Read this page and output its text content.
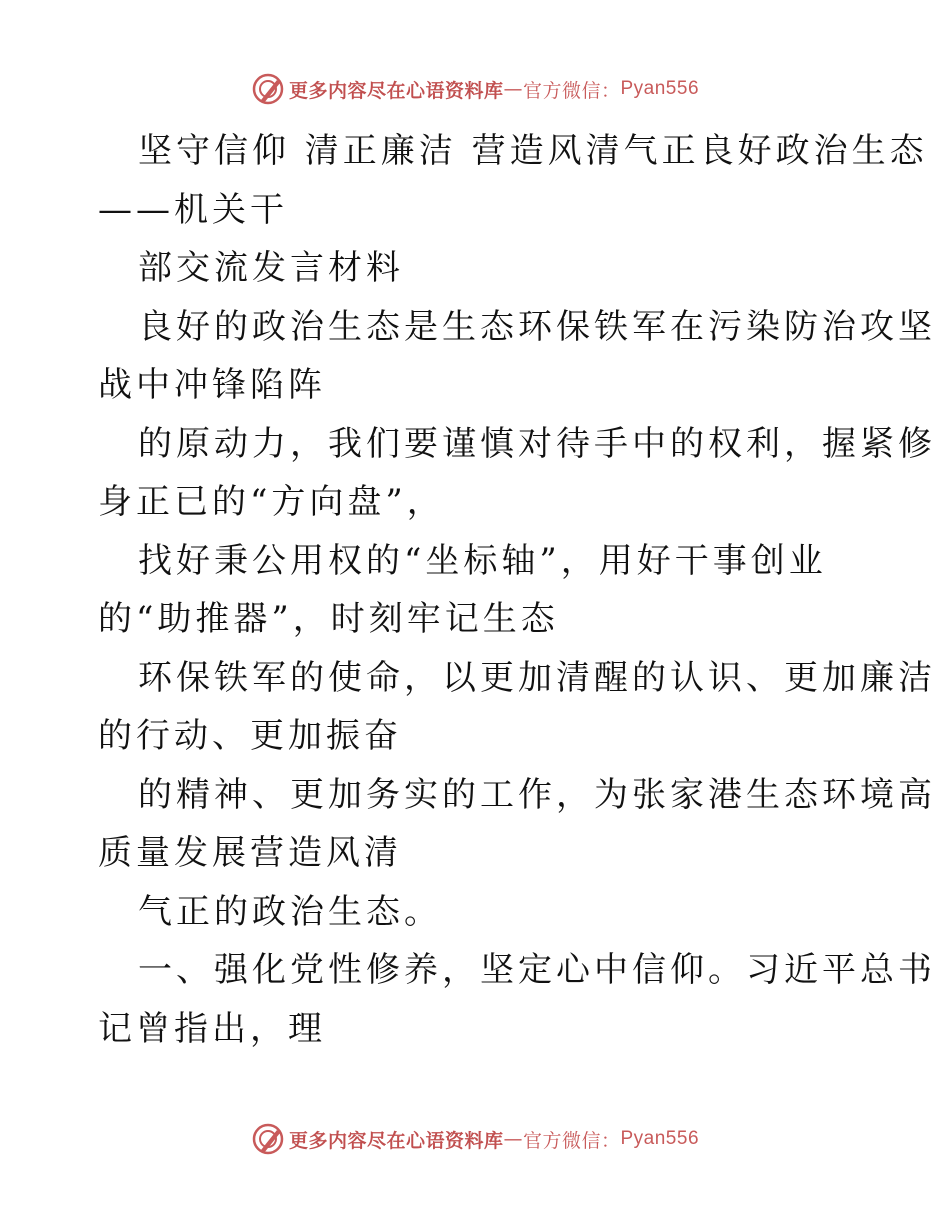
更多内容尽在心语资料库 — 官方微信： Pyan556
坚守信仰 清正廉洁 营造风清气正良好政治生态
——机关干
部交流发言材料
良好的政治生态是生态环保铁军在污染防治攻坚
战中冲锋陷阵
的原动力，我们要谨慎对待手中的权利，握紧修
身正已的“方向盘”，
找好秉公用权的“坐标轴”，用好干事创业
的“助推器”，时刻牢记生态
环保铁军的使命，以更加清醒的认识、更加廉洁
的行动、更加振奋
的精神、更加务实的工作，为张家港生态环境高
质量发展营造风清
气正的政治生态。
一、强化党性修养，坚定心中信仰。习近平总书
记曾指出，理
更多内容尽在心语资料库 — 官方微信： Pyan556
